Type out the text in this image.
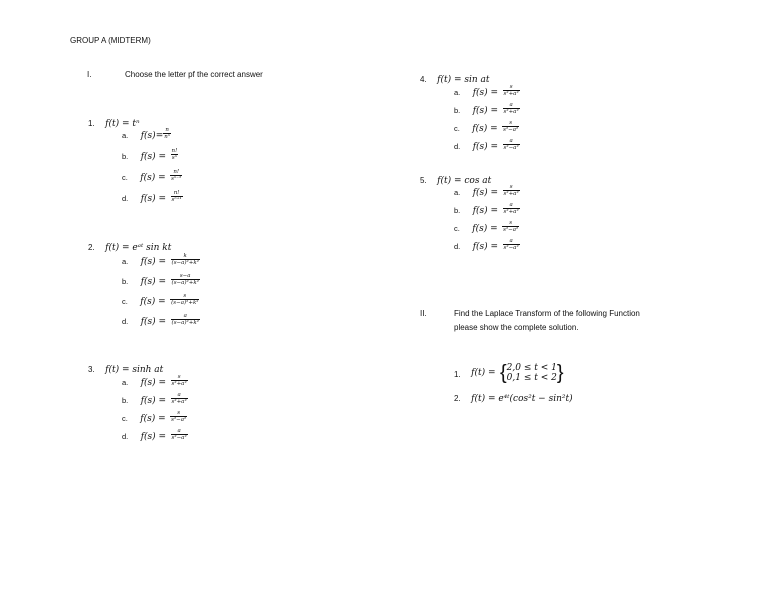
GROUP A (MIDTERM)
I.	Choose the letter pf the correct answer
1. f(t) = tⁿ
a. $f(s)= \frac{n}{\text{nⁿ}}$
b. $f(s) = \frac{n!}{\text{sⁿ}}$
c. $f(s) = \frac{n!}{\text{sⁿ⁻²}}$
d. $f(s) = \frac{n!}{\text{sⁿ⁺¹}}$
2. f(t) = eᵃᵗ sin kt
a. $f(s) = \frac{k}{\text{(s−a)²+k²}}$
b. $f(s) = \frac{s-a}{\text{(s−a)²+k²}}$
c. $f(s) = \frac{s}{\text{(s−a)²+k²}}$
d. $f(s) = \frac{a}{\text{(s−a)²+k²}}$
3. f(t) = sinh at
a. $f(s) = \frac{s}{\text{s²+a²}}$
b. $f(s) = \frac{a}{\text{s²+a²}}$
c. $f(s) = \frac{s}{\text{s²−a²}}$
d. $f(s) = \frac{a}{\text{s²−a²}}$
4. f(t) = sin at
a. $f(s) = \frac{s}{\text{s²+a²}}$
b. $f(s) = \frac{a}{\text{s²+a²}}$
c. $f(s) = \frac{s}{\text{s²−a²}}$
d. $f(s) = \frac{a}{\text{s²−a²}}$
5. f(t) = cos at
a. $f(s) = \frac{s}{\text{s²+a²}}$
b. $f(s) = \frac{a}{\text{s²+a²}}$
c. $f(s) = \frac{s}{\text{s²−a²}}$
d. $f(s) = \frac{a}{\text{s²−a²}}$
II.	Find the Laplace Transform of the following Function
please show the complete solution.
1. f(t) = { 2,0 ≤ t < 1
0,1 ≤ t < 2 }
2. f(t) = e⁴ᵗ(cos²t − sin²t)
